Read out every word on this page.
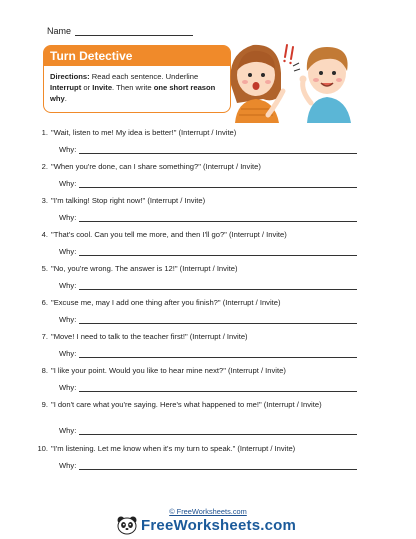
Name
Turn Detective
Directions: Read each sentence. Underline Interrupt or Invite. Then write one short reason why.
1. "Wait, listen to me! My idea is better!" (Interrupt / Invite)
Why:
2. "When you're done, can I share something?" (Interrupt / Invite)
Why:
3. "I'm talking! Stop right now!" (Interrupt / Invite)
Why:
4. "That's cool. Can you tell me more, and then I'll go?" (Interrupt / Invite)
Why:
5. "No, you're wrong. The answer is 12!" (Interrupt / Invite)
Why:
6. "Excuse me, may I add one thing after you finish?" (Interrupt / Invite)
Why:
7. "Move! I need to talk to the teacher first!" (Interrupt / Invite)
Why:
8. "I like your point. Would you like to hear mine next?" (Interrupt / Invite)
Why:
9. "I don't care what you're saying. Here's what happened to me!" (Interrupt / Invite)
Why:
10. "I'm listening. Let me know when it's my turn to speak." (Interrupt / Invite)
Why:
© FreeWorksheets.com
FreeWorksheets.com
